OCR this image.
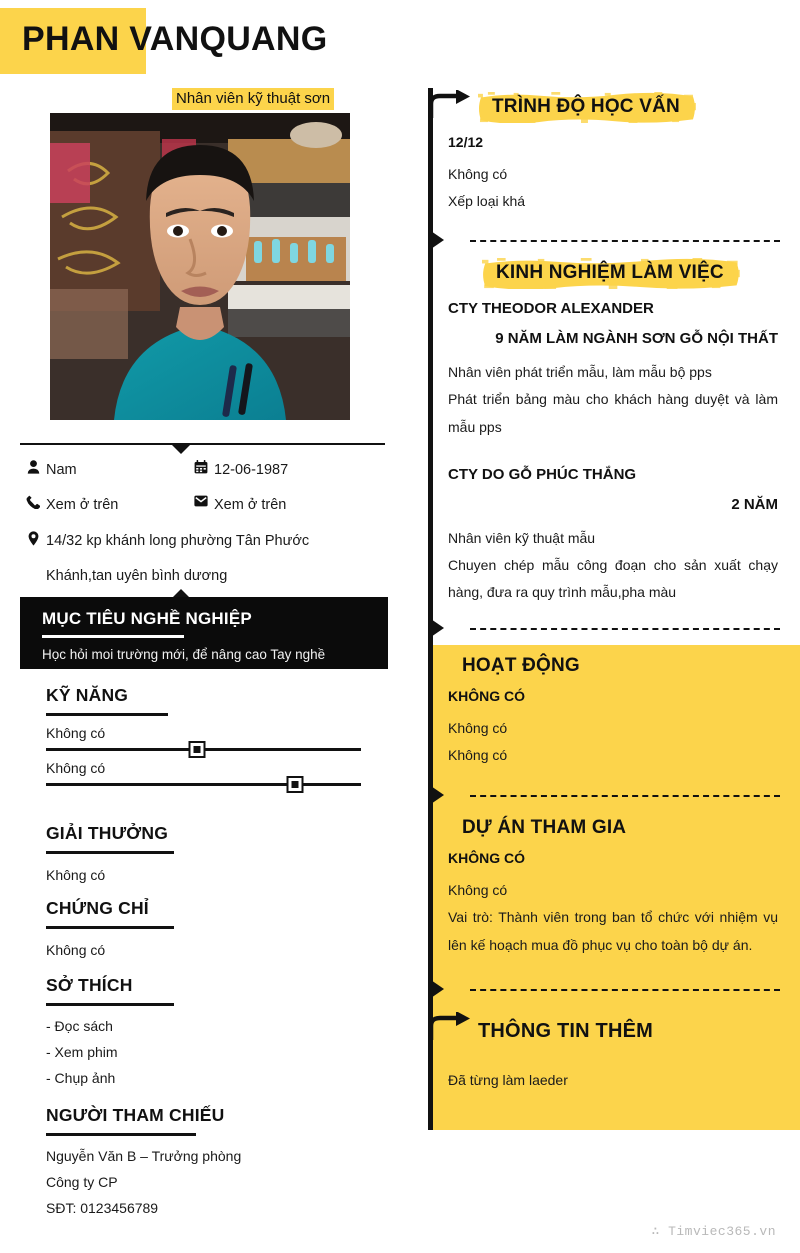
PHAN VANQUANG
Nhân viên kỹ thuật sơn
Nam	12-06-1987
Xem ở trên	Xem ở trên
14/32 kp khánh long phường Tân Phước
Khánh,tan uyên bình dương
MỤC TIÊU NGHỀ NGHIỆP
Học hỏi moi trường mới, để nâng cao Tay nghề
KỸ NĂNG
Không có
Không có
GIẢI THƯỞNG
Không có
CHỨNG CHỈ
Không có
SỞ THÍCH
- Đọc sách
- Xem phim
- Chụp ảnh
NGƯỜI THAM CHIẾU
Nguyễn Văn B – Trưởng phòng
Công ty CP
SĐT: 0123456789
TRÌNH ĐỘ HỌC VẤN
12/12
Không có
Xếp loại khá
KINH NGHIỆM LÀM VIỆC
CTY THEODOR ALEXANDER
9 NĂM LÀM NGÀNH SƠN GỖ NỘI THẤT
Nhân viên phát triển mẫu, làm mẫu bộ pps
Phát triển bảng màu cho khách hàng duyệt và làm mẫu pps
CTY DO GỖ PHÚC THẮNG
2 NĂM
Nhân viên kỹ thuật mẫu
Chuyen chép mẫu công đoạn cho sản xuất chạy hàng, đưa ra quy trình mẫu,pha màu
HOẠT ĐỘNG
KHÔNG CÓ
Không có
Không có
DỰ ÁN THAM GIA
KHÔNG CÓ
Không có
Vai trò: Thành viên trong ban tổ chức với nhiệm vụ lên kế hoạch mua đồ phục vụ cho toàn bộ dự án.
THÔNG TIN THÊM
Đã từng làm laeder
∴ Timviec365.vn
